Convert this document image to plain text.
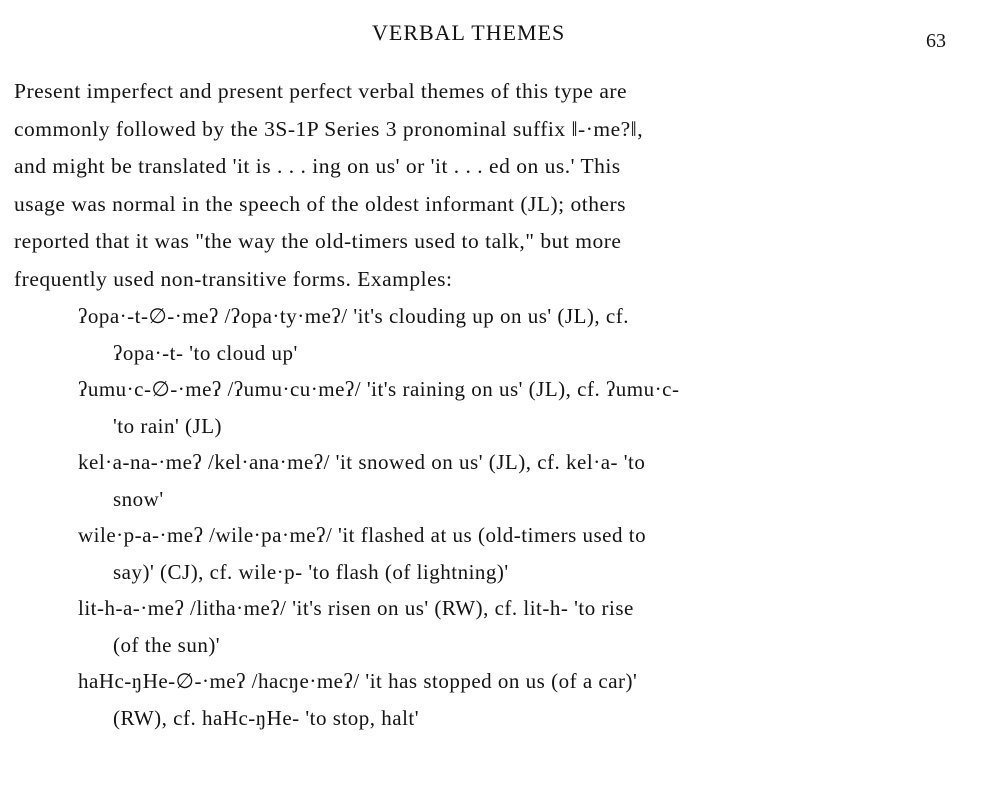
VERBAL THEMES	63
Present imperfect and present perfect verbal themes of this type are
commonly followed by the 3S-1P Series 3 pronominal suffix ‖-·me?‖,
and might be translated 'it is . . . ing on us' or 'it . . . ed on us.' This
usage was normal in the speech of the oldest informant (JL); others
reported that it was "the way the old-timers used to talk," but more
frequently used non-transitive forms. Examples:
ʔopa·-t-∅-·meʔ /ʔopa·ty·meʔ/ 'it's clouding up on us' (JL), cf.
ʔopa·-t- 'to cloud up'
ʔumu·c-∅-·meʔ /ʔumu·cu·meʔ/ 'it's raining on us' (JL), cf. ʔumu·c-
'to rain' (JL)
kel·a-na-·meʔ /kel·ana·meʔ/ 'it snowed on us' (JL), cf. kel·a- 'to
snow'
wile·p-a-·meʔ /wile·pa·meʔ/ 'it flashed at us (old-timers used to
say)' (CJ), cf. wile·p- 'to flash (of lightning)'
lit-h-a-·meʔ /litha·meʔ/ 'it's risen on us' (RW), cf. lit-h- 'to rise
(of the sun)'
haHc-ŋHe-∅-·meʔ /hacŋe·meʔ/ 'it has stopped on us (of a car)'
(RW), cf. haHc-ŋHe- 'to stop, halt'
